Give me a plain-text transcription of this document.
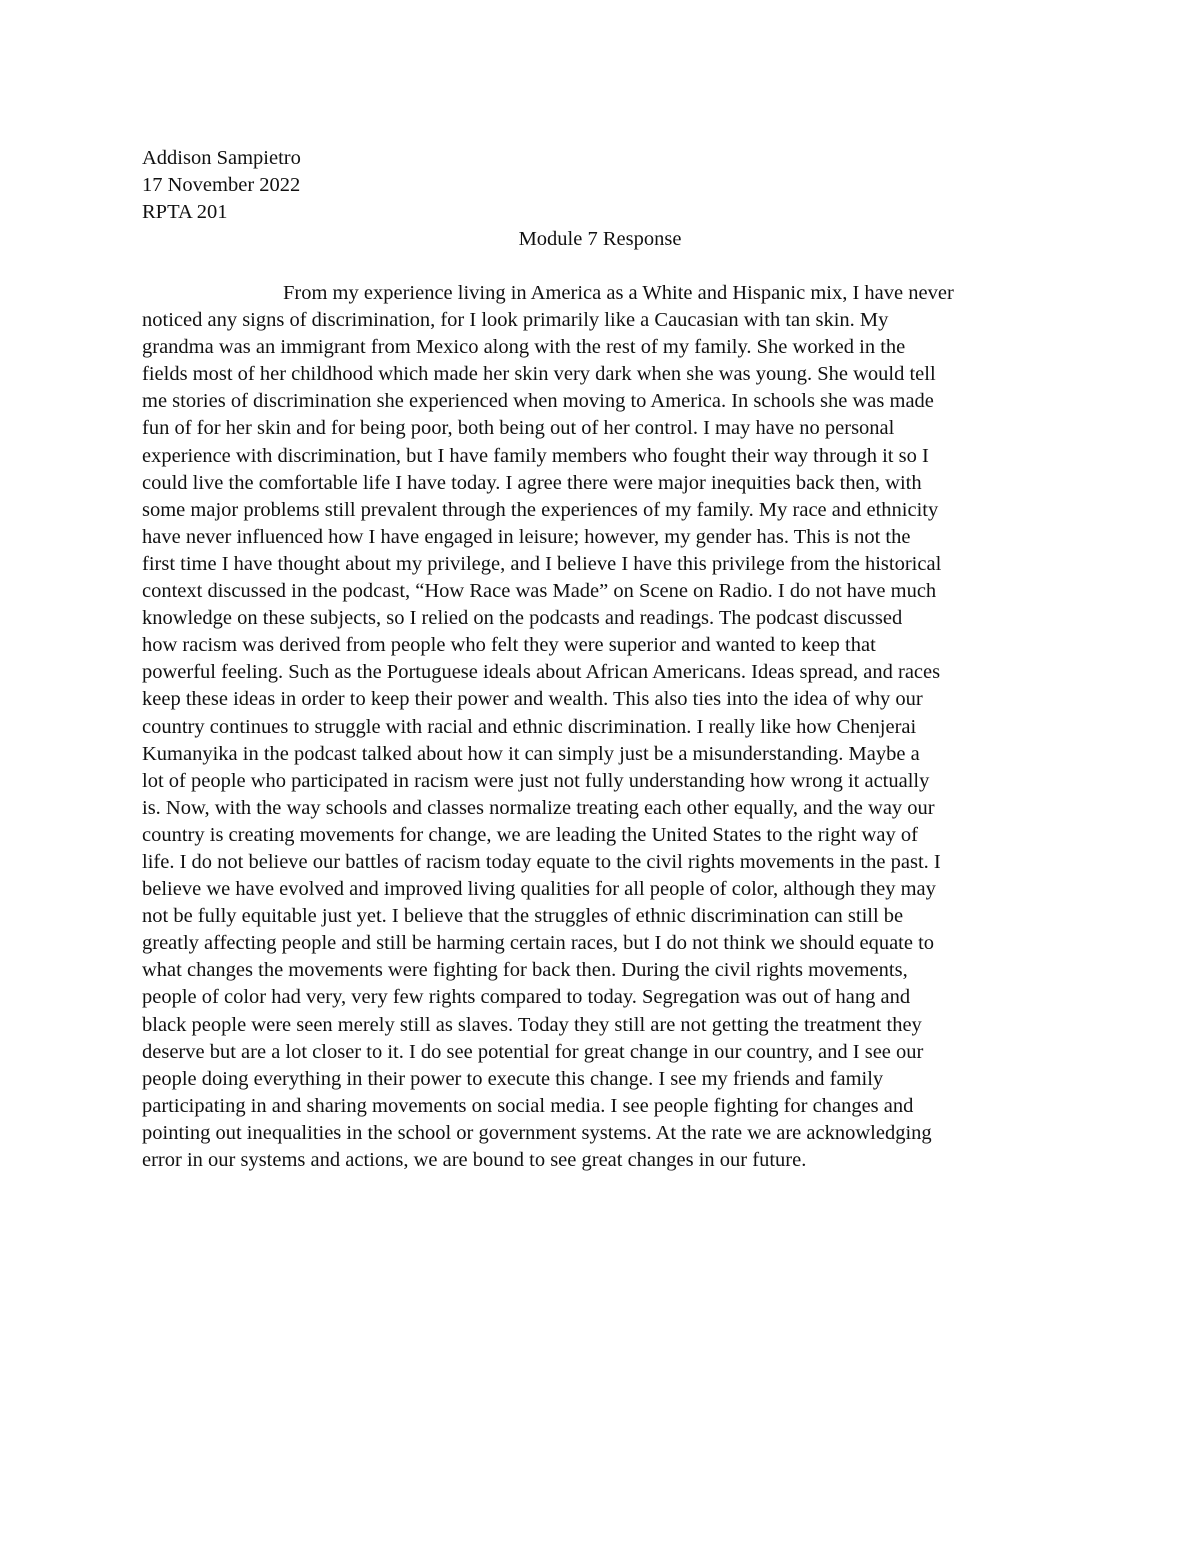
Addison Sampietro
17 November 2022
RPTA 201
Module 7 Response
From my experience living in America as a White and Hispanic mix, I have never
noticed any signs of discrimination, for I look primarily like a Caucasian with tan skin. My
grandma was an immigrant from Mexico along with the rest of my family. She worked in the
fields most of her childhood which made her skin very dark when she was young. She would tell
me stories of discrimination she experienced when moving to America. In schools she was made
fun of for her skin and for being poor, both being out of her control. I may have no personal
experience with discrimination, but I have family members who fought their way through it so I
could live the comfortable life I have today. I agree there were major inequities back then, with
some major problems still prevalent through the experiences of my family. My race and ethnicity
have never influenced how I have engaged in leisure; however, my gender has. This is not the
first time I have thought about my privilege, and I believe I have this privilege from the historical
context discussed in the podcast, “How Race was Made” on Scene on Radio. I do not have much
knowledge on these subjects, so I relied on the podcasts and readings. The podcast discussed
how racism was derived from people who felt they were superior and wanted to keep that
powerful feeling. Such as the Portuguese ideals about African Americans. Ideas spread, and races
keep these ideas in order to keep their power and wealth. This also ties into the idea of why our
country continues to struggle with racial and ethnic discrimination. I really like how Chenjerai
Kumanyika in the podcast talked about how it can simply just be a misunderstanding. Maybe a
lot of people who participated in racism were just not fully understanding how wrong it actually
is. Now, with the way schools and classes normalize treating each other equally, and the way our
country is creating movements for change, we are leading the United States to the right way of
life. I do not believe our battles of racism today equate to the civil rights movements in the past. I
believe we have evolved and improved living qualities for all people of color, although they may
not be fully equitable just yet. I believe that the struggles of ethnic discrimination can still be
greatly affecting people and still be harming certain races, but I do not think we should equate to
what changes the movements were fighting for back then. During the civil rights movements,
people of color had very, very few rights compared to today. Segregation was out of hang and
black people were seen merely still as slaves. Today they still are not getting the treatment they
deserve but are a lot closer to it. I do see potential for great change in our country, and I see our
people doing everything in their power to execute this change. I see my friends and family
participating in and sharing movements on social media. I see people fighting for changes and
pointing out inequalities in the school or government systems. At the rate we are acknowledging
error in our systems and actions, we are bound to see great changes in our future.
